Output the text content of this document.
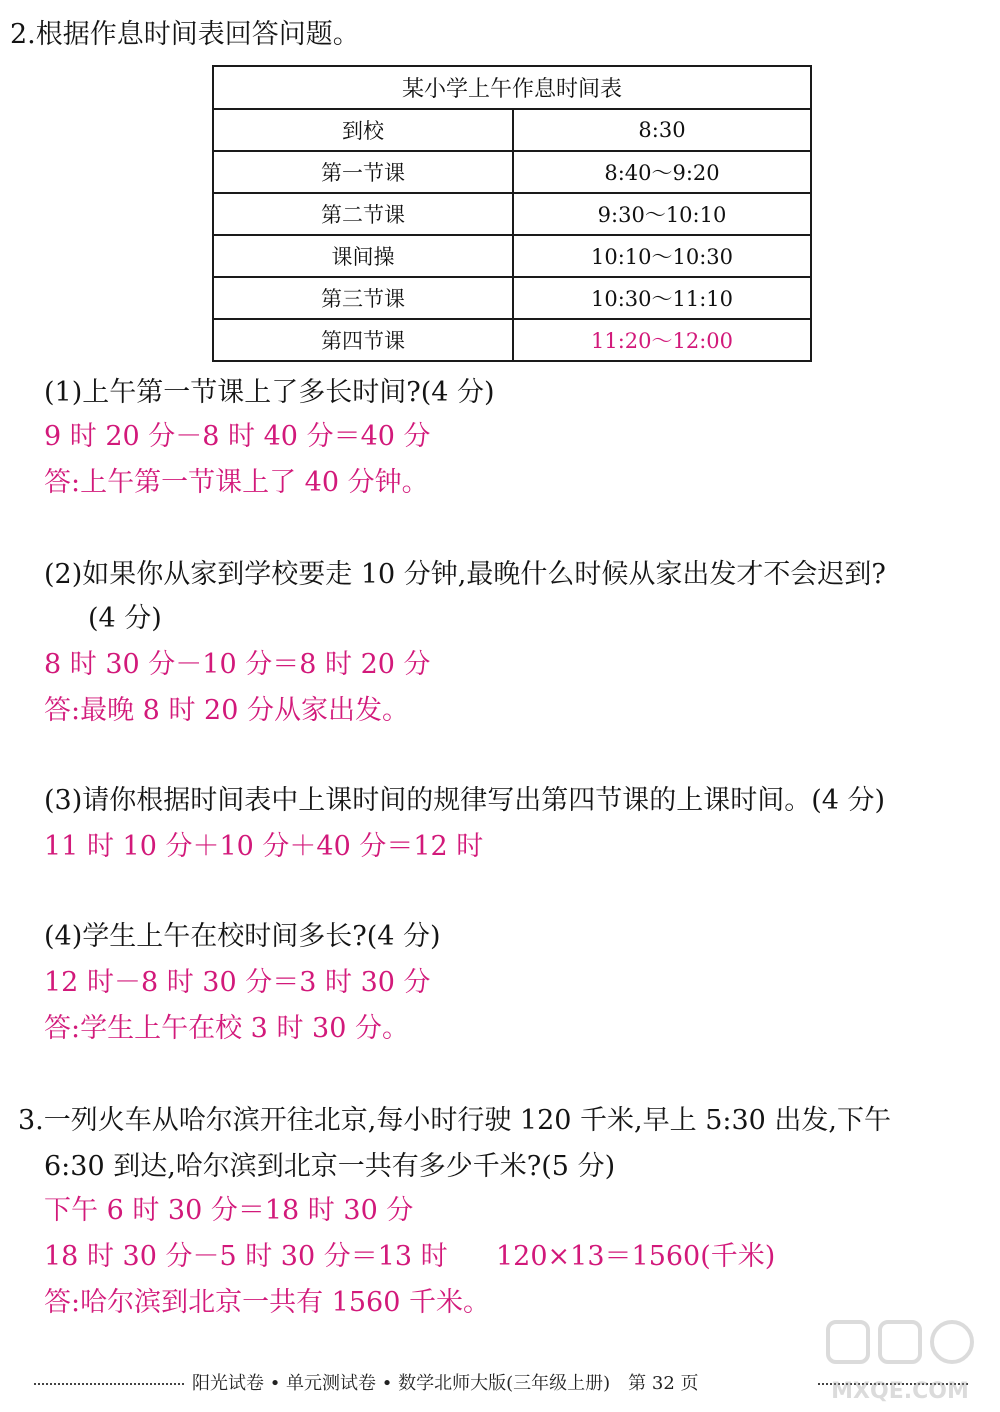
2.根据作息时间表回答问题。
某小学上午作息时间表	
到校	8:30
第一节课	8:40～9:20
第二节课	9:30～10:10
课间操	10:10～10:30
第三节课	10:30～11:10
第四节课	11:20～12:00
(1)上午第一节课上了多长时间?(4 分)
9 时 20 分－8 时 40 分＝40 分
答:上午第一节课上了 40 分钟。
(2)如果你从家到学校要走 10 分钟,最晚什么时候从家出发才不会迟到?
(4 分)
8 时 30 分－10 分＝8 时 20 分
答:最晚 8 时 20 分从家出发。
(3)请你根据时间表中上课时间的规律写出第四节课的上课时间。(4 分)
11 时 10 分＋10 分＋40 分＝12 时
(4)学生上午在校时间多长?(4 分)
12 时－8 时 30 分＝3 时 30 分
答:学生上午在校 3 时 30 分。
3.一列火车从哈尔滨开往北京,每小时行驶 120 千米,早上 5:30 出发,下午
6:30 到达,哈尔滨到北京一共有多少千米?(5 分)
下午 6 时 30 分＝18 时 30 分
18 时 30 分－5 时 30 分＝13 时 120×13＝1560(千米)
答:哈尔滨到北京一共有 1560 千米。
阳光试卷 • 单元测试卷 • 数学北师大版(三年级上册)　第 32 页	MXQE.COM
